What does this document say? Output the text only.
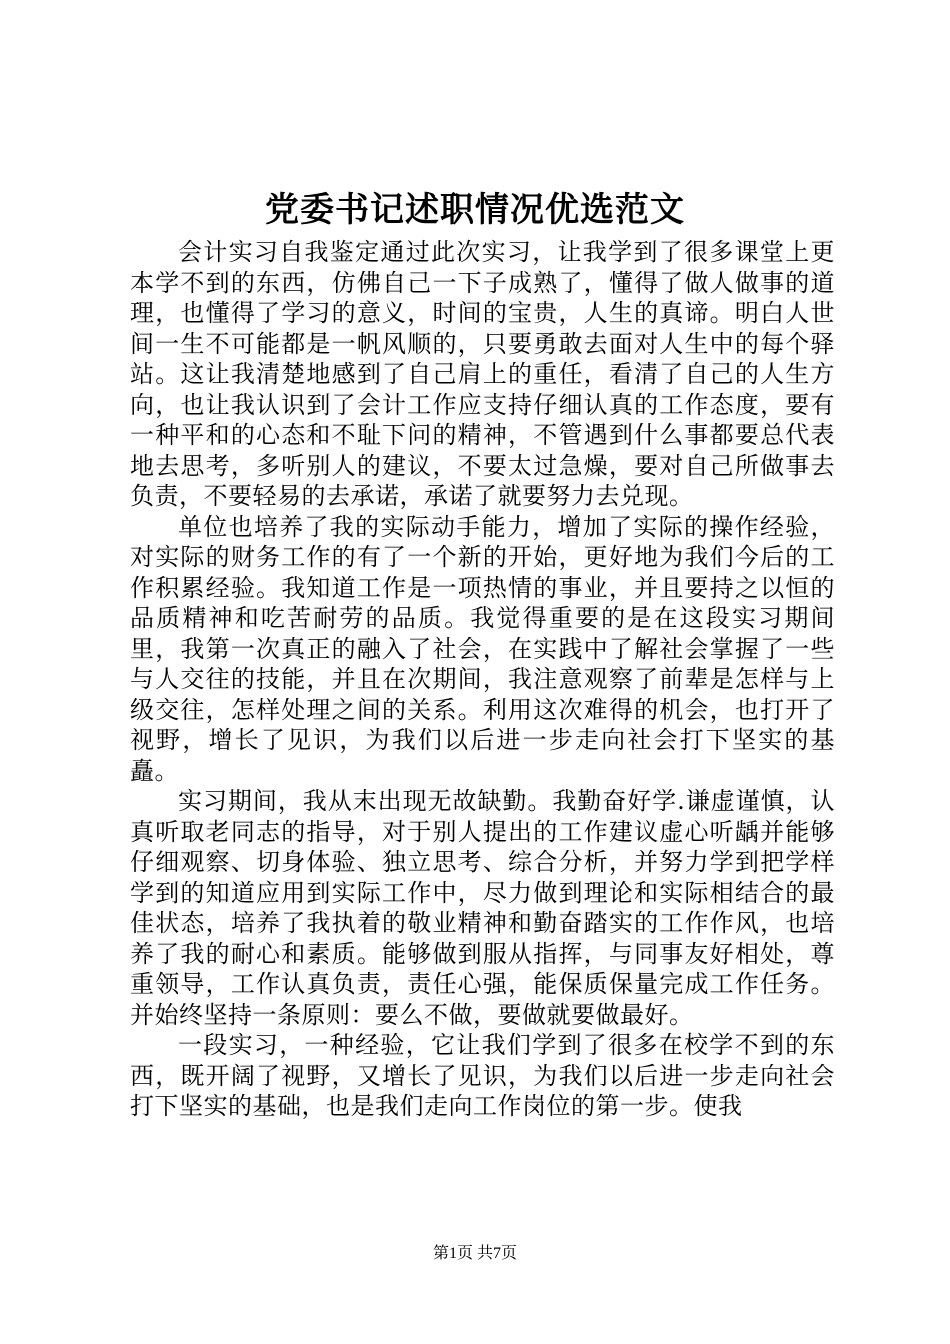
党委书记述职情况优选范文

会计实习自我鉴定通过此次实习，让我学到了很多课堂上更本学不到的东西，仿佛自己一下子成熟了，懂得了做人做事的道理，也懂得了学习的意义，时间的宝贵，人生的真谛。明白人世间一生不可能都是一帆风顺的，只要勇敢去面对人生中的每个驿站。这让我清楚地感到了自己肩上的重任，看清了自己的人生方向，也让我认识到了会计工作应支持仔细认真的工作态度，要有一种平和的心态和不耻下问的精神，不管遇到什么事都要总代表地去思考，多听别人的建议，不要太过急燥，要对自己所做事去负责，不要轻易的去承诺，承诺了就要努力去兑现。

单位也培养了我的实际动手能力，增加了实际的操作经验，对实际的财务工作的有了一个新的开始，更好地为我们今后的工作积累经验。我知道工作是一项热情的事业，并且要持之以恒的品质精神和吃苦耐劳的品质。我觉得重要的是在这段实习期间里，我第一次真正的融入了社会，在实践中了解社会掌握了一些与人交往的技能，并且在次期间，我注意观察了前辈是怎样与上级交往，怎样处理之间的关系。利用这次难得的机会，也打开了视野，增长了见识，为我们以后进一步走向社会打下坚实的基矗。

实习期间，我从末出现无故缺勤。我勤奋好学.谦虚谨慎，认真听取老同志的指导，对于别人提出的工作建议虚心听龋并能够仔细观察、切身体验、独立思考、综合分析，并努力学到把学样学到的知道应用到实际工作中，尽力做到理论和实际相结合的最佳状态，培养了我执着的敬业精神和勤奋踏实的工作作风，也培养了我的耐心和素质。能够做到服从指挥，与同事友好相处，尊重领导，工作认真负责，责任心强，能保质保量完成工作任务。并始终坚持一条原则：要么不做，要做就要做最好。

一段实习，一种经验，它让我们学到了很多在校学不到的东西，既开阔了视野，又增长了见识，为我们以后进一步走向社会打下坚实的基础，也是我们走向工作岗位的第一步。使我

第1页 共7页
